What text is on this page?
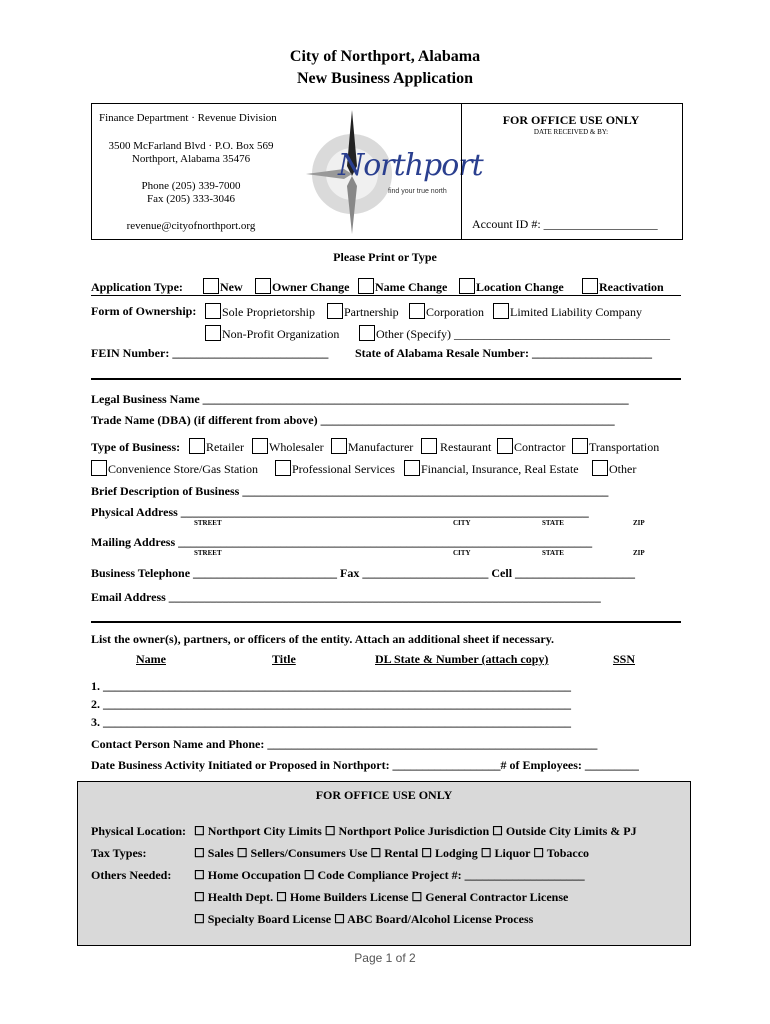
City of Northport, Alabama
New Business Application
Finance Department · Revenue Division
3500 McFarland Blvd · P.O. Box 569
Northport, Alabama 35476
Phone (205) 339-7000
Fax (205) 333-3046
revenue@cityofnorthport.org
Northport
find your true north
FOR OFFICE USE ONLY
DATE RECEIVED & BY:
Account ID #: ___________________
Please Print or Type
Application Type:	New	Owner Change	Name Change	Location Change	Reactivation
Form of Ownership:	Sole Proprietorship	Partnership	Corporation	Limited Liability Company
Non-Profit Organization	Other (Specify) ____________________________________
FEIN Number: __________________________ State of Alabama Resale Number: ____________________
Legal Business Name _______________________________________________________________________
Trade Name (DBA) (if different from above) _________________________________________________
Type of Business:	Retailer	Wholesaler	Manufacturer	Restaurant	Contractor	Transportation
Convenience Store/Gas Station	Professional Services	Financial, Insurance, Real Estate	Other
Brief Description of Business _____________________________________________________________
Physical Address ____________________________________________________________________
STREET	CITY	STATE	ZIP
Mailing Address _____________________________________________________________________
STREET	CITY	STATE	ZIP
Business Telephone ________________________ Fax _____________________ Cell ____________________
Email Address ________________________________________________________________________
List the owner(s), partners, or officers of the entity. Attach an additional sheet if necessary.
Name	Title	DL State & Number (attach copy)	SSN
1. ______________________________________________________________________________
2. ______________________________________________________________________________
3. ______________________________________________________________________________
Contact Person Name and Phone: _______________________________________________________
Date Business Activity Initiated or Proposed in Northport: __________________# of Employees: _________
FOR OFFICE USE ONLY
Physical Location: ☐ Northport City Limits ☐ Northport Police Jurisdiction ☐ Outside City Limits & PJ
Tax Types:	☐ Sales ☐ Sellers/Consumers Use ☐ Rental ☐ Lodging ☐ Liquor ☐ Tobacco
Others Needed: ☐ Home Occupation ☐ Code Compliance Project #: ____________________
☐ Health Dept. ☐ Home Builders License ☐ General Contractor License
☐ Specialty Board License ☐ ABC Board/Alcohol License Process
Page 1 of 2
